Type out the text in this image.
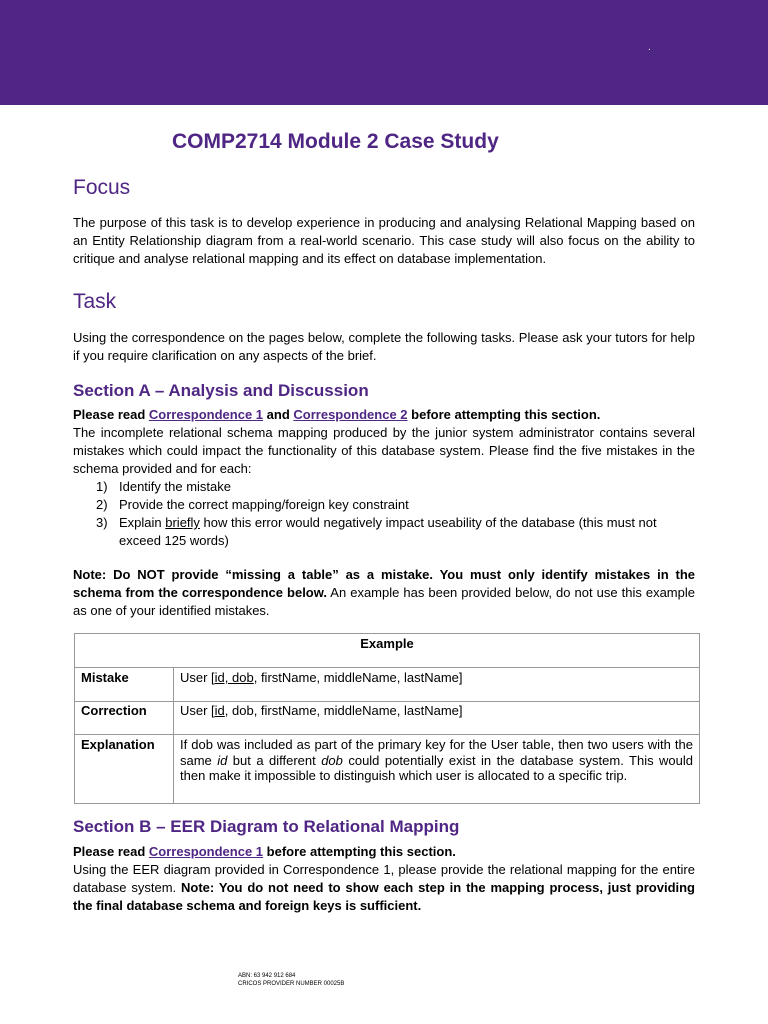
.
COMP2714 Module 2 Case Study
Focus

The purpose of this task is to develop experience in producing and analysing Relational Mapping based on an Entity Relationship diagram from a real-world scenario. This case study will also focus on the ability to critique and analyse relational mapping and its effect on database implementation.

Task

Using the correspondence on the pages below, complete the following tasks. Please ask your tutors for help if you require clarification on any aspects of the brief.

Section A – Analysis and Discussion

Please read Correspondence 1 and Correspondence 2 before attempting this section.

The incomplete relational schema mapping produced by the junior system administrator contains several mistakes which could impact the functionality of this database system. Please find the five mistakes in the schema provided and for each:

1) Identify the mistake
2) Provide the correct mapping/foreign key constraint
3) Explain briefly how this error would negatively impact useability of the database (this must not exceed 125 words)

Note: Do NOT provide “missing a table” as a mistake. You must only identify mistakes in the schema from the correspondence below. An example has been provided below, do not use this example as one of your identified mistakes.

Example	
Mistake	User [id, dob, firstName, middleName, lastName]
Correction	User [id, dob, firstName, middleName, lastName]
Explanation	If dob was included as part of the primary key for the User table, then two users with the same id but a different dob could potentially exist in the database system. This would then make it impossible to distinguish which user is allocated to a specific trip.
Section B – EER Diagram to Relational Mapping

Please read Correspondence 1 before attempting this section.

Using the EER diagram provided in Correspondence 1, please provide the relational mapping for the entire database system. Note: You do not need to show each step in the mapping process, just providing the final database schema and foreign keys is sufficient.

ABN: 63 942 912 684
CRICOS PROVIDER NUMBER 00025B
